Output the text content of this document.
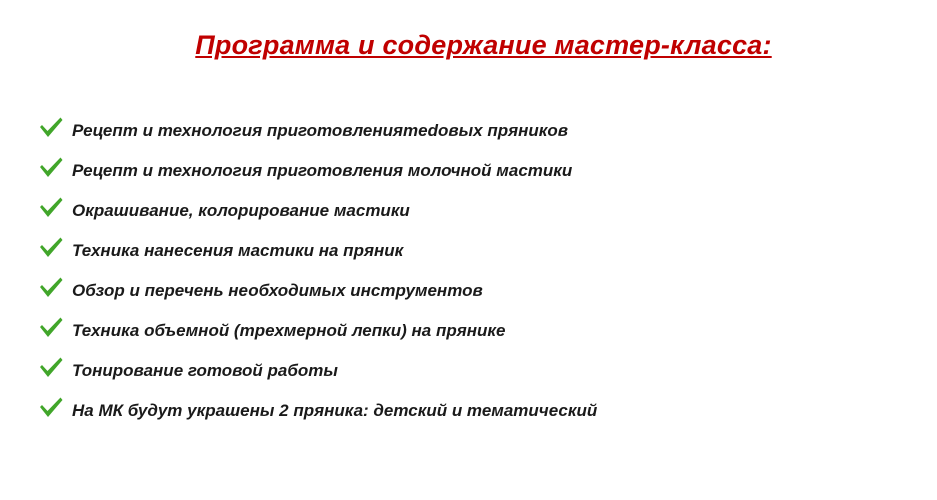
Программа и содержание мастер-класса:
Рецепт и технология приготовленияmedовых пряников
Рецепт и технология приготовления молочной мастики
Окрашивание, колорирование мастики
Техника нанесения мастики на пряник
Обзор и перечень необходимых инструментов
Техника объемной (трехмерной лепки) на прянике
Тонирование готовой работы
На МК будут украшены 2 пряника: детский и тематический
